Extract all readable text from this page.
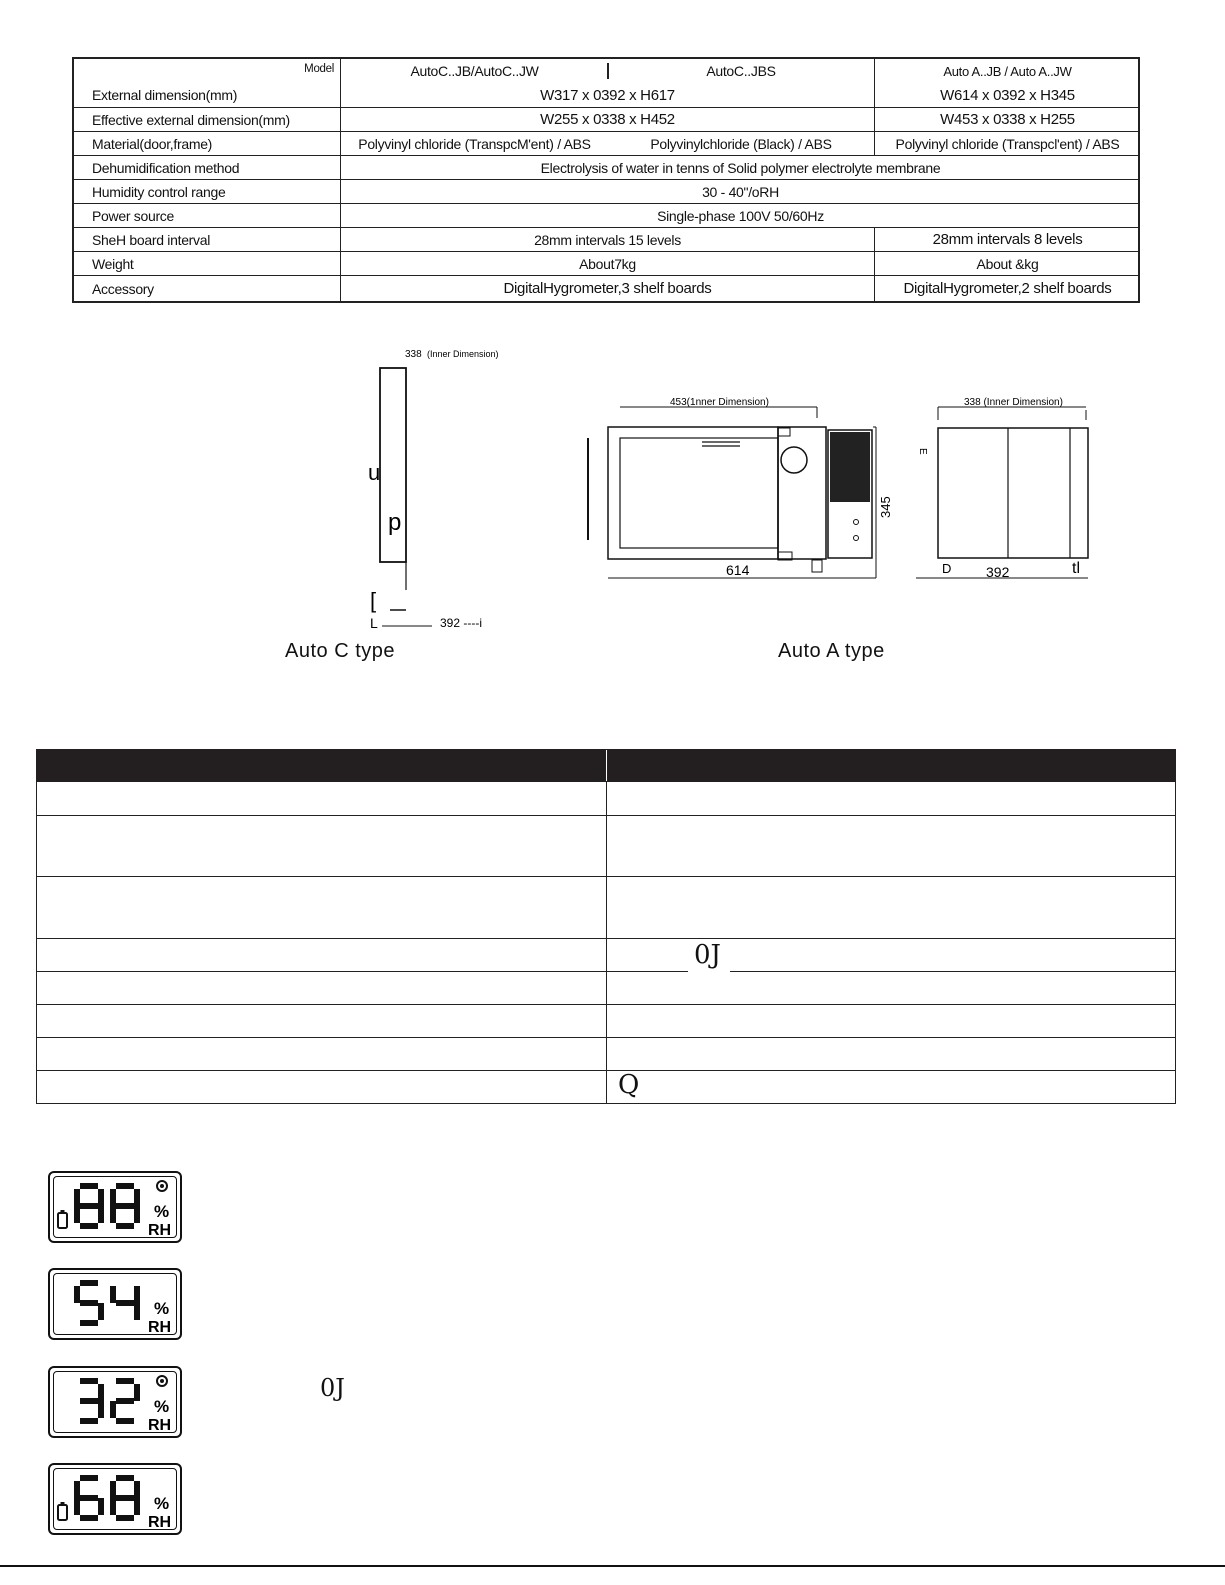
Model	AutoC..JB/AutoC..JW	AutoC..JBS	Auto A..JB / Auto A..JW
External dimension(mm)	W317 x 0392 x H617	W614 x 0392 x H345
Effective external dimension(mm)	W255 x 0338 x H452	W453 x 0338 x H255
Material(door,frame)	Polyvinyl chloride (TranspcM'ent) / ABS	Polyvinylchloride (Black) / ABS	Polyvinyl chloride (Transpcl'ent) / ABS
Dehumidification method	Electrolysis of water in tenns of Solid polymer electrolyte membrane
Humidity control range	30 - 40"/oRH
Power source	Single-phase 100V 50/60Hz
SheH board interval	28mm intervals 15 levels	28mm intervals 8 levels
Weight	About7kg	About &kg
Accessory	DigitalHygrometer,3 shelf boards	DigitalHygrometer,2 shelf boards
338 (Inner Dimension)
u
p
[
L	392 ----i
Auto C type
453(1nner Dimension)
345
614
338 (Inner Dimension)
Ε
D 392	tl
Auto A type
0J
Q
%
RH
%
RH
%
RH
%
RH
0J
